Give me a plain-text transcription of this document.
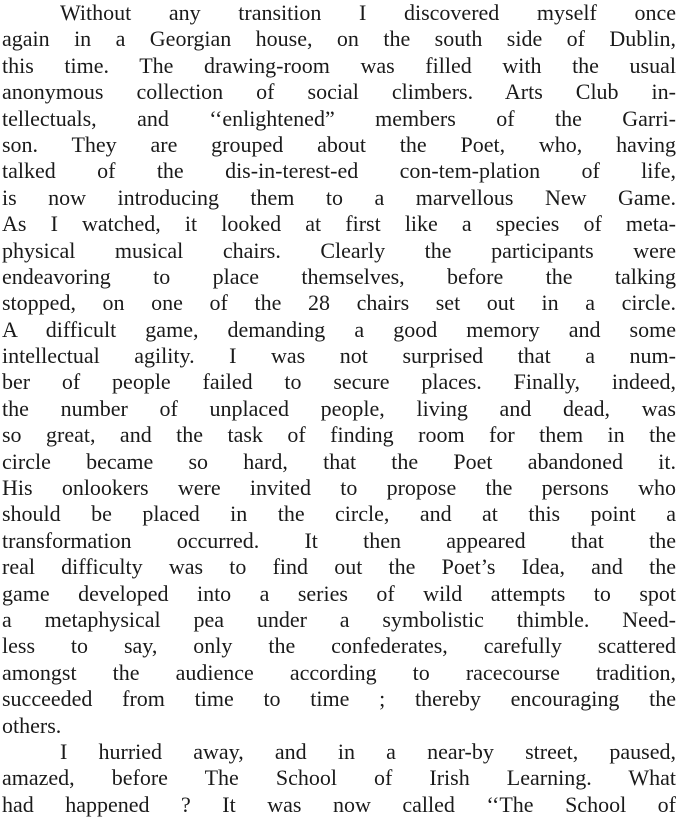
Without any transition I discovered myself once
again in a Georgian house, on the south side of Dublin,
this time. The drawing-room was filled with the usual
anonymous collection of social climbers. Arts Club in-
tellectuals, and ‘‘enlightened” members of the Garri-
son. They are grouped about the Poet, who, having
talked of the dis-in-terest-ed con-tem-plation of life,
is now introducing them to a marvellous New Game.
As I watched, it looked at first like a species of meta-
physical musical chairs. Clearly the participants were
endeavoring to place themselves, before the talking
stopped, on one of the 28 chairs set out in a circle.
A difficult game, demanding a good memory and some
intellectual agility. I was not surprised that a num-
ber of people failed to secure places. Finally, indeed,
the number of unplaced people, living and dead, was
so great, and the task of finding room for them in the
circle became so hard, that the Poet abandoned it.
His onlookers were invited to propose the persons who
should be placed in the circle, and at this point a
transformation occurred. It then appeared that the
real difficulty was to find out the Poet’s Idea, and the
game developed into a series of wild attempts to spot
a metaphysical pea under a symbolistic thimble. Need-
less to say, only the confederates, carefully scattered
amongst the audience according to racecourse tradition,
succeeded from time to time ; thereby encouraging the
others.
I hurried away, and in a near-by street, paused,
amazed, before The School of Irish Learning. What
had happened ? It was now called ‘‘The School of
